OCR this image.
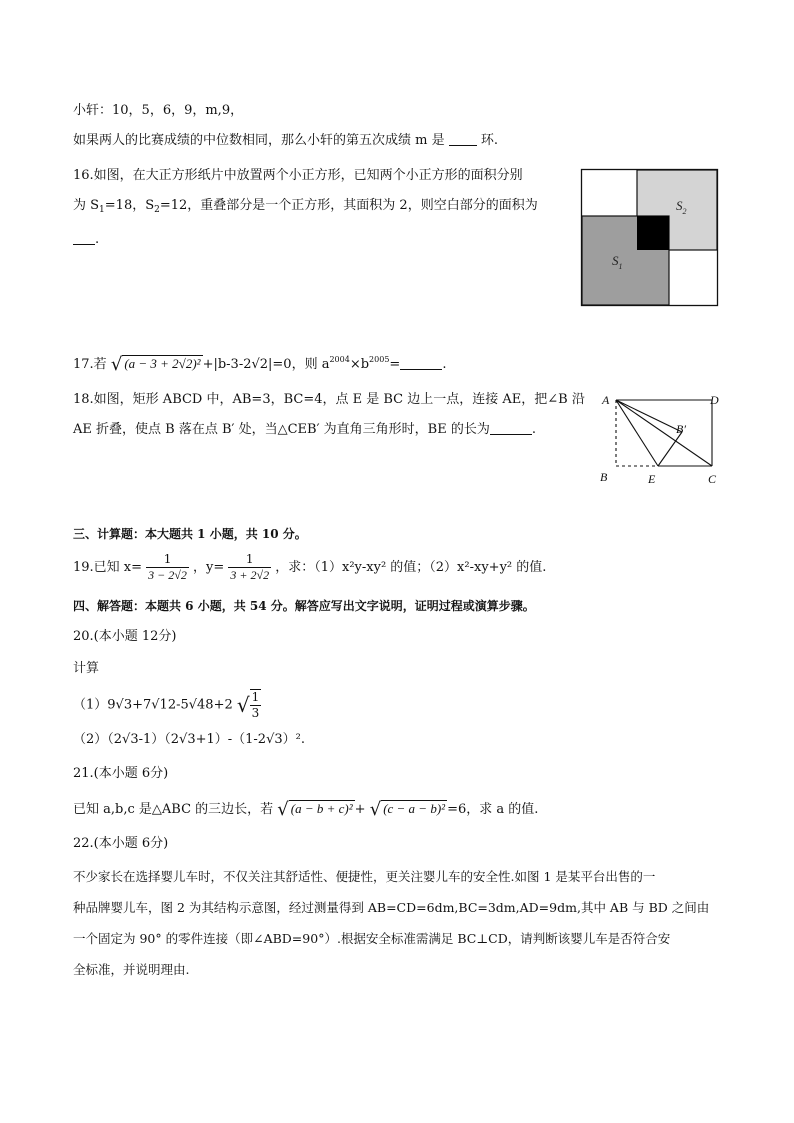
小轩：10，5，6，9，m,9，
如果两人的比赛成绩的中位数相同，那么小轩的第五次成绩 m 是	环.
16.如图，在大正方形纸片中放置两个小正方形，已知两个小正方形的面积分别
为 $S_1=18$，$S_2=12$，重叠部分是一个正方形，其面积为 2，则空白部分的面积为
.
$S_2$
$S_1$
17.若 √ (a − 3 + 2√2)² +|b-3-2√2|=0，则 $a^{2004}\times b^{2005}=$	.
18.如图，矩形 ABCD 中，AB=3，BC=4，点 E 是 BC 边上一点，连接 AE，把∠B 沿
AE 折叠，使点 B 落在点 B′ 处，当△CEB′ 为直角三角形时，BE 的长为	.
A	D
B	E	C
B′
三、计算题：本大题共 1 小题，共 10 分。
19.已知 $x= \frac{1}{3 - 2√2}$ ，$y= \frac{1}{3 + 2√2}$ ，求：（1）x²y-xy² 的值；（2）x²-xy+y² 的值.
四、解答题：本题共 6 小题，共 54 分。解答应写出文字说明，证明过程或演算步骤。
20.(本小题 12分)
计算
（1）9√3+7√12-5√48+2 √ $\frac{1}{3}$
（2）（2√3-1）（2√3+1）-（1-2√3）².
21.(本小题 6分)
已知 a,b,c 是△ABC 的三边长，若 √ (a − b + c)² + √ (c − a − b)² =6，求 a 的值.
22.(本小题 6分)
不少家长在选择婴儿车时，不仅关注其舒适性、便捷性，更关注婴儿车的安全性.如图 1 是某平台出售的一
种品牌婴儿车，图 2 为其结构示意图，经过测量得到 AB=CD=6dm,BC=3dm,AD=9dm,其中 AB 与 BD 之间由
一个固定为 90° 的零件连接（即∠ABD=90°）.根据安全标准需满足 BC⊥CD，请判断该婴儿车是否符合安
全标准，并说明理由.
